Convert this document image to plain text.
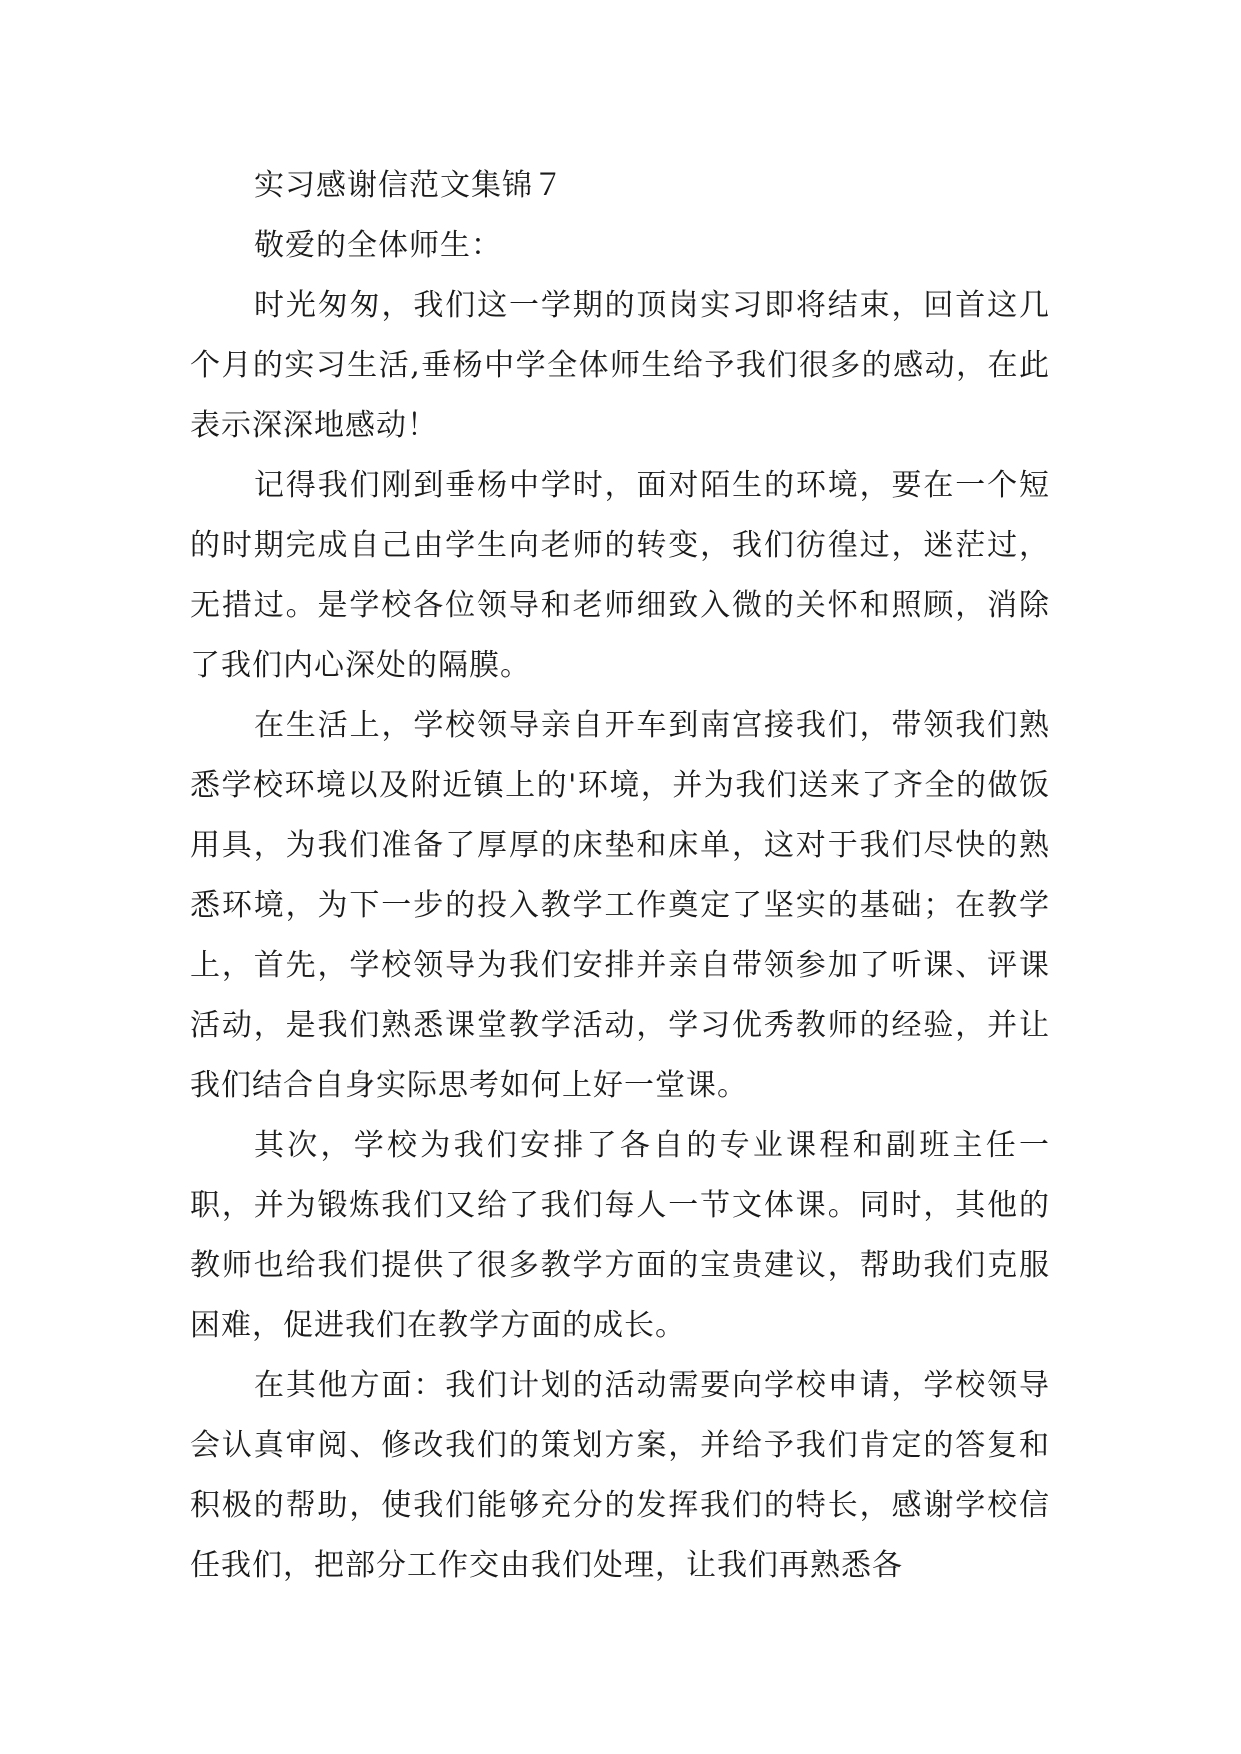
实习感谢信范文集锦７

敬爱的全体师生：

时光匆匆，我们这一学期的顶岗实习即将结束，回首这几个月的实习生活,垂杨中学全体师生给予我们很多的感动，在此表示深深地感动！

记得我们刚到垂杨中学时，面对陌生的环境，要在一个短的时期完成自己由学生向老师的转变，我们彷徨过，迷茫过，无措过。是学校各位领导和老师细致入微的关怀和照顾，消除了我们内心深处的隔膜。

在生活上，学校领导亲自开车到南宫接我们，带领我们熟悉学校环境以及附近镇上的'环境，并为我们送来了齐全的做饭用具，为我们准备了厚厚的床垫和床单，这对于我们尽快的熟悉环境，为下一步的投入教学工作奠定了坚实的基础；在教学上，首先，学校领导为我们安排并亲自带领参加了听课、评课活动，是我们熟悉课堂教学活动，学习优秀教师的经验，并让我们结合自身实际思考如何上好一堂课。

其次，学校为我们安排了各自的专业课程和副班主任一职，并为锻炼我们又给了我们每人一节文体课。同时，其他的教师也给我们提供了很多教学方面的宝贵建议，帮助我们克服困难，促进我们在教学方面的成长。

在其他方面：我们计划的活动需要向学校申请，学校领导会认真审阅、修改我们的策划方案，并给予我们肯定的答复和积极的帮助，使我们能够充分的发挥我们的特长，感谢学校信任我们，把部分工作交由我们处理，让我们再熟悉各
